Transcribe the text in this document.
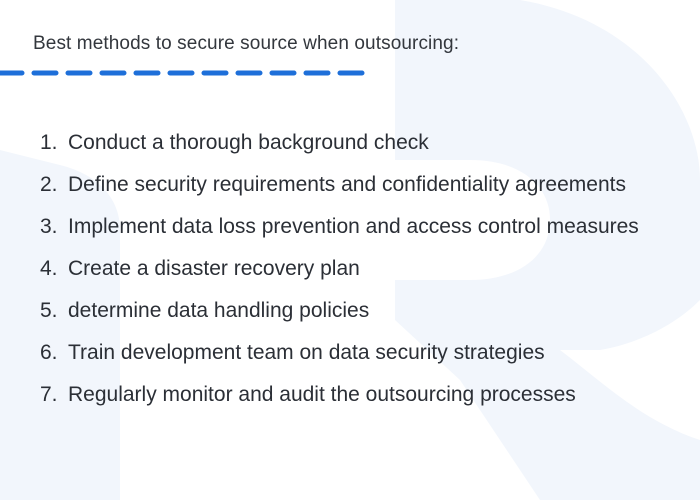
Best methods to secure source when outsourcing:
1. Conduct a thorough background check
2. Define security requirements and confidentiality agreements
3. Implement data loss prevention and access control measures
4. Create a disaster recovery plan
5. determine data handling policies
6. Train development team on data security strategies
7. Regularly monitor and audit the outsourcing processes
